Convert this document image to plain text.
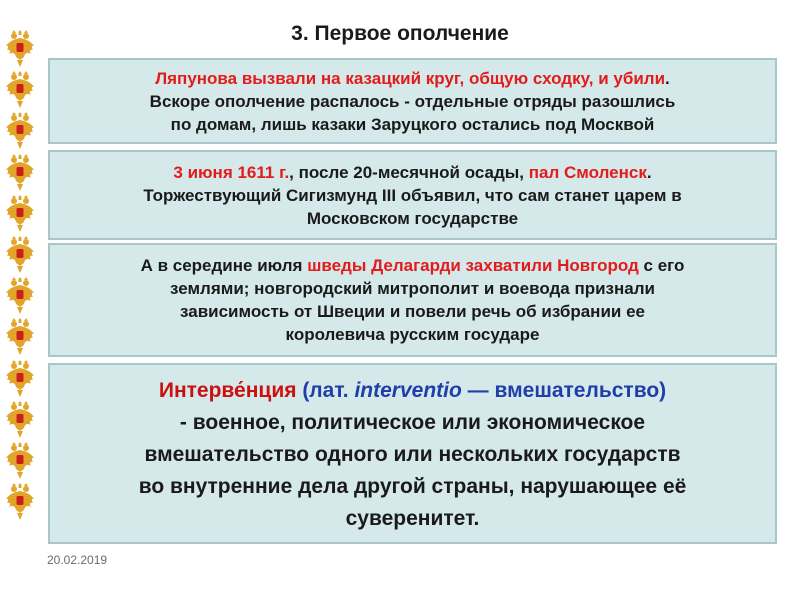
3. Первое ополчение
Ляпунова вызвали на казацкий круг, общую сходку, и убили.
Вскоре ополчение распалось - отдельные отряды разошлись
по домам, лишь казаки Заруцкого остались под Москвой
3 июня 1611 г., после 20-месячной осады, пал Смоленск.
Торжествующий Сигизмунд III объявил, что сам станет царем в
Московском государстве
А в середине июля шведы Делагарди захватили Новгород с его
землями; новгородский митрополит и воевода признали
зависимость от Швеции и повели речь об избрании ее
королевича русским государе
Интерве́нция (лат. interventio — вмешательство)
- военное, политическое или экономическое
вмешательство одного или нескольких государств
во внутренние дела другой страны, нарушающее её
суверенитет.
20.02.2019
